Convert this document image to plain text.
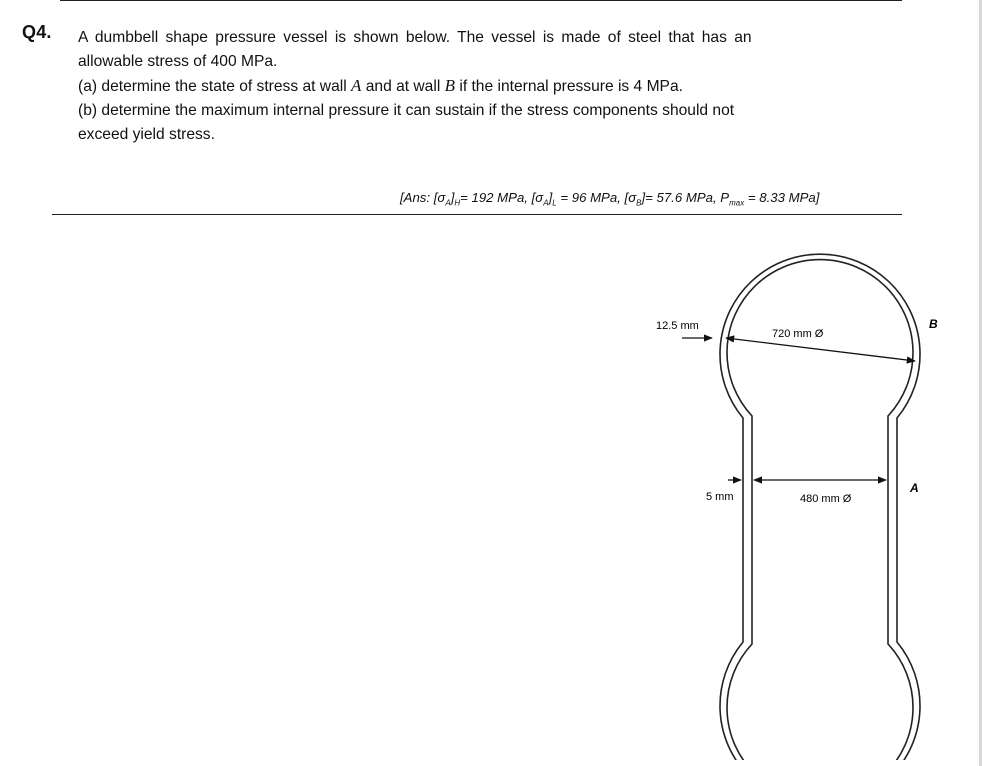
Q4. A dumbbell shape pressure vessel is shown below. The vessel is made of steel that has an
allowable stress of 400 MPa.
(a) determine the state of stress at wall A and at wall B if the internal pressure is 4 MPa.
(b) determine the maximum internal pressure it can sustain if the stress components should not
exceed yield stress.
[Ans: $[\sigma_A]_H= 192$ MPa, $[\sigma_A]_L = 96$ MPa, $[\sigma_B]= 57.6$ MPa, $P_{max} = 8.33$ MPa]
12.5 mm
720 mm Ø
B
5 mm	480 mm Ø
A
